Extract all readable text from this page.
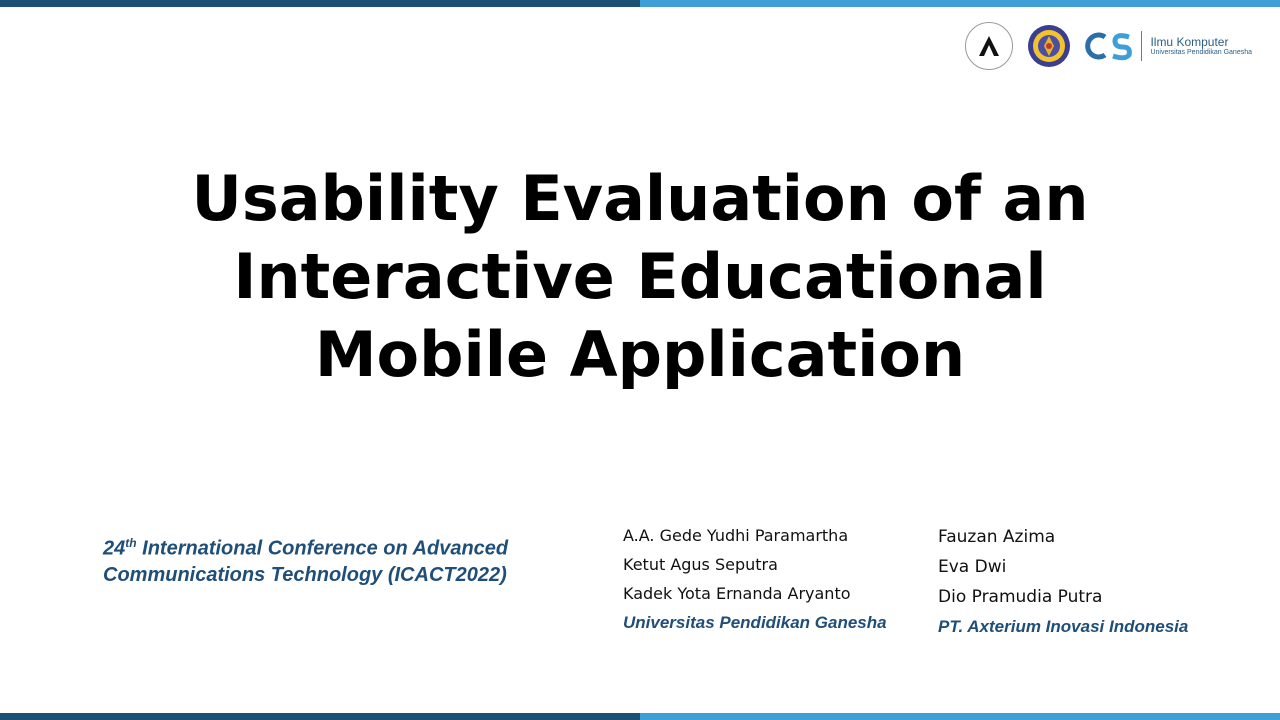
Ilmu Komputer
Universitas Pendidikan Ganesha
Usability Evaluation of an
Interactive Educational
Mobile Application
24th International Conference on Advanced
Communications Technology (ICACT2022)
A.A. Gede Yudhi Paramartha
Ketut Agus Seputra
Kadek Yota Ernanda Aryanto
Universitas Pendidikan Ganesha
Fauzan Azima
Eva Dwi
Dio Pramudia Putra
PT. Axterium Inovasi Indonesia
